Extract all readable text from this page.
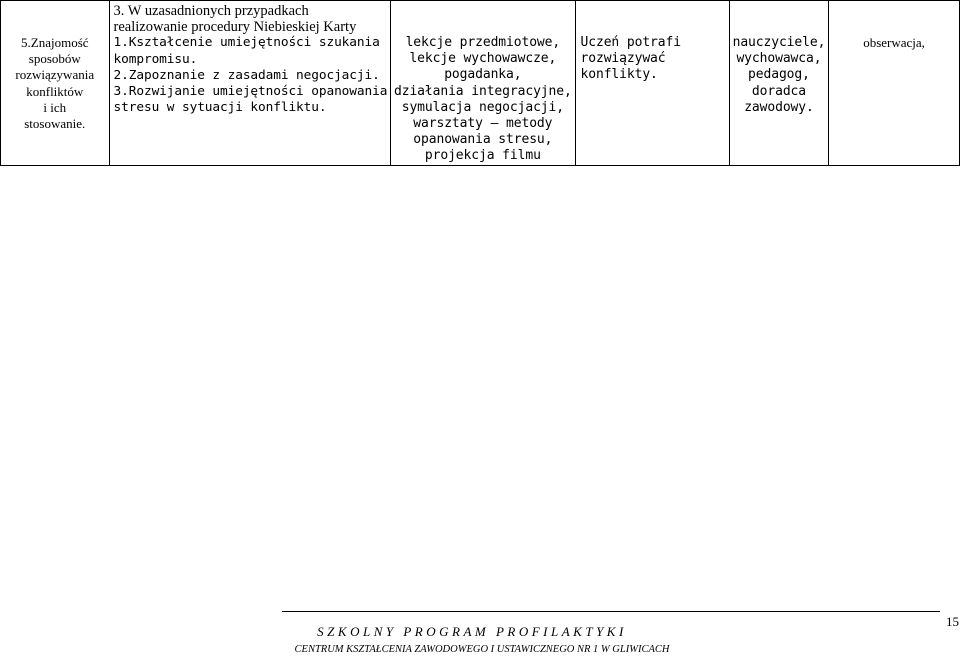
5.Znajomość
sposobów
rozwiązywania
konfliktów
i ich
stosowanie.

3. W uzasadnionych przypadkach
realizowanie procedury Niebieskiej Karty
1.Kształcenie umiejętności szukania
kompromisu.
2.Zapoznanie z zasadami negocjacji.
3.Rozwijanie umiejętności opanowania
stresu w sytuacji konfliktu.

lekcje przedmiotowe,
lekcje wychowawcze,
pogadanka,
działania integracyjne,
symulacja negocjacji,
warsztaty – metody
opanowania stresu,
projekcja filmu

Uczeń potrafi
rozwiązywać
konflikty.

nauczyciele,
wychowawca,
pedagog,
doradca
zawodowy.

obserwacja,
SZKOLNY PROGRAM PROFILAKTYKI
CENTRUM KSZTAŁCENIA ZAWODOWEGO I USTAWICZNEGO NR 1 W GLIWICACH
15
